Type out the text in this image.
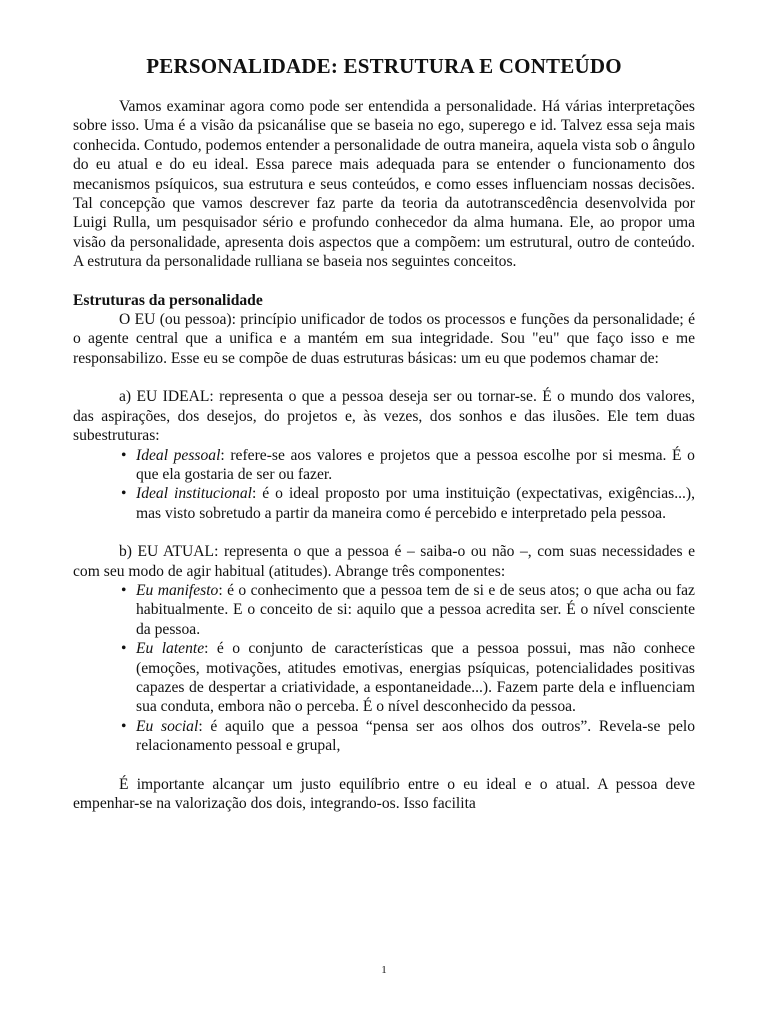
PERSONALIDADE: ESTRUTURA E CONTEÚDO

Vamos examinar agora como pode ser entendida a personalidade. Há várias interpretações sobre isso. Uma é a visão da psicanálise que se baseia no ego, superego e id. Talvez essa seja mais conhecida. Contudo, podemos entender a personalidade de outra maneira, aquela vista sob o ângulo do eu atual e do eu ideal. Essa parece mais adequada para se entender o funcionamento dos mecanismos psíquicos, sua estrutura e seus conteúdos, e como esses influenciam nossas decisões. Tal concepção que vamos descrever faz parte da teoria da autotranscedência desenvolvida por Luigi Rulla, um pesquisador sério e profundo conhecedor da alma humana. Ele, ao propor uma visão da personalidade, apresenta dois aspectos que a compõem: um estrutural, outro de conteúdo. A estrutura da personalidade rulliana se baseia nos seguintes conceitos.

Estruturas da personalidade

O EU (ou pessoa): princípio unificador de todos os processos e funções da personalidade; é o agente central que a unifica e a mantém em sua integridade. Sou "eu" que faço isso e me responsabilizo. Esse eu se compõe de duas estruturas básicas: um eu que podemos chamar de:

a) EU IDEAL: representa o que a pessoa deseja ser ou tornar-se. É o mundo dos valores, das aspirações, dos desejos, do projetos e, às vezes, dos sonhos e das ilusões. Ele tem duas subestruturas:

• Ideal pessoal: refere-se aos valores e projetos que a pessoa escolhe por si mesma. É o que ela gostaria de ser ou fazer.
• Ideal institucional: é o ideal proposto por uma instituição (expectativas, exigências...), mas visto sobretudo a partir da maneira como é percebido e interpretado pela pessoa.

b) EU ATUAL: representa o que a pessoa é – saiba-o ou não –, com suas necessidades e com seu modo de agir habitual (atitudes). Abrange três componentes:

• Eu manifesto: é o conhecimento que a pessoa tem de si e de seus atos; o que acha ou faz habitualmente. E o conceito de si: aquilo que a pessoa acredita ser. É o nível consciente da pessoa.
• Eu latente: é o conjunto de características que a pessoa possui, mas não conhece (emoções, motivações, atitudes emotivas, energias psíquicas, potencialidades positivas capazes de despertar a criatividade, a espontaneidade...). Fazem parte dela e influenciam sua conduta, embora não o perceba. É o nível desconhecido da pessoa.
• Eu social: é aquilo que a pessoa “pensa ser aos olhos dos outros”. Revela-se pelo relacionamento pessoal e grupal,

É importante alcançar um justo equilíbrio entre o eu ideal e o atual. A pessoa deve empenhar-se na valorização dos dois, integrando-os. Isso facilita

1
